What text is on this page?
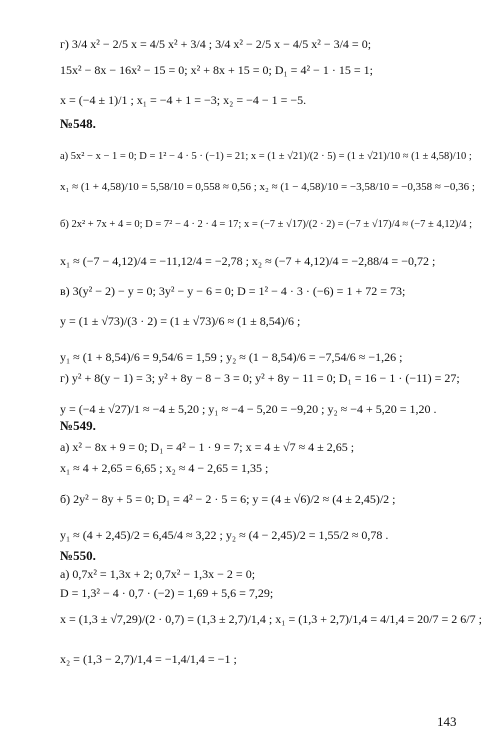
г) 3/4 x² − 2/5 x = 4/5 x² + 3/4 ; 3/4 x² − 2/5 x − 4/5 x² − 3/4 = 0;
15x² − 8x − 16x² − 15 = 0; x² + 8x + 15 = 0; D₁ = 4² − 1 · 15 = 1;
x = (−4 ± 1)/1 ; x₁ = −4 + 1 = −3; x₂ = −4 − 1 = −5.
№548.
а) 5x² − x − 1 = 0; D = 1² − 4 · 5 · (−1) = 21; x = (1 ± √21)/(2 · 5) = (1 ± √21)/10 ≈ (1 ± 4,58)/10 ;
x₁ ≈ (1 + 4,58)/10 = 5,58/10 = 0,558 ≈ 0,56 ; x₂ ≈ (1 − 4,58)/10 = −3,58/10 = −0,358 ≈ −0,36 ;
б) 2x² + 7x + 4 = 0; D = 7² − 4 · 2 · 4 = 17; x = (−7 ± √17)/(2 · 2) = (−7 ± √17)/4 ≈ (−7 ± 4,12)/4 ;
x₁ ≈ (−7 − 4,12)/4 = −11,12/4 = −2,78 ; x₂ ≈ (−7 + 4,12)/4 = −2,88/4 = −0,72 ;
в) 3(y² − 2) − y = 0; 3y² − y − 6 = 0; D = 1² − 4 · 3 · (−6) = 1 + 72 = 73;
y = (1 ± √73)/(3 · 2) = (1 ± √73)/6 ≈ (1 ± 8,54)/6 ;
y₁ ≈ (1 + 8,54)/6 = 9,54/6 = 1,59 ; y₂ ≈ (1 − 8,54)/6 = −7,54/6 ≈ −1,26 ;
г) y² + 8(y − 1) = 3; y² + 8y − 8 − 3 = 0; y² + 8y − 11 = 0; D₁ = 16 − 1 · (−11) = 27;
y = (−4 ± √27)/1 ≈ −4 ± 5,20 ; y₁ ≈ −4 − 5,20 = −9,20 ; y₂ ≈ −4 + 5,20 = 1,20 .
№549.
а) x² − 8x + 9 = 0; D₁ = 4² − 1 · 9 = 7; x = 4 ± √7 ≈ 4 ± 2,65 ;
x₁ ≈ 4 + 2,65 = 6,65 ; x₂ ≈ 4 − 2,65 = 1,35 ;
б) 2y² − 8y + 5 = 0; D₁ = 4² − 2 · 5 = 6; y = (4 ± √6)/2 ≈ (4 ± 2,45)/2 ;
y₁ ≈ (4 + 2,45)/2 = 6,45/4 ≈ 3,22 ; y₂ ≈ (4 − 2,45)/2 = 1,55/2 ≈ 0,78 .
№550.
а) 0,7x² = 1,3x + 2; 0,7x² − 1,3x − 2 = 0;
D = 1,3² − 4 · 0,7 · (−2) = 1,69 + 5,6 = 7,29;
x = (1,3 ± √7,29)/(2 · 0,7) = (1,3 ± 2,7)/1,4 ; x₁ = (1,3 + 2,7)/1,4 = 4/1,4 = 20/7 = 2 6/7 ;
x₂ = (1,3 − 2,7)/1,4 = −1,4/1,4 = −1 ;
143
